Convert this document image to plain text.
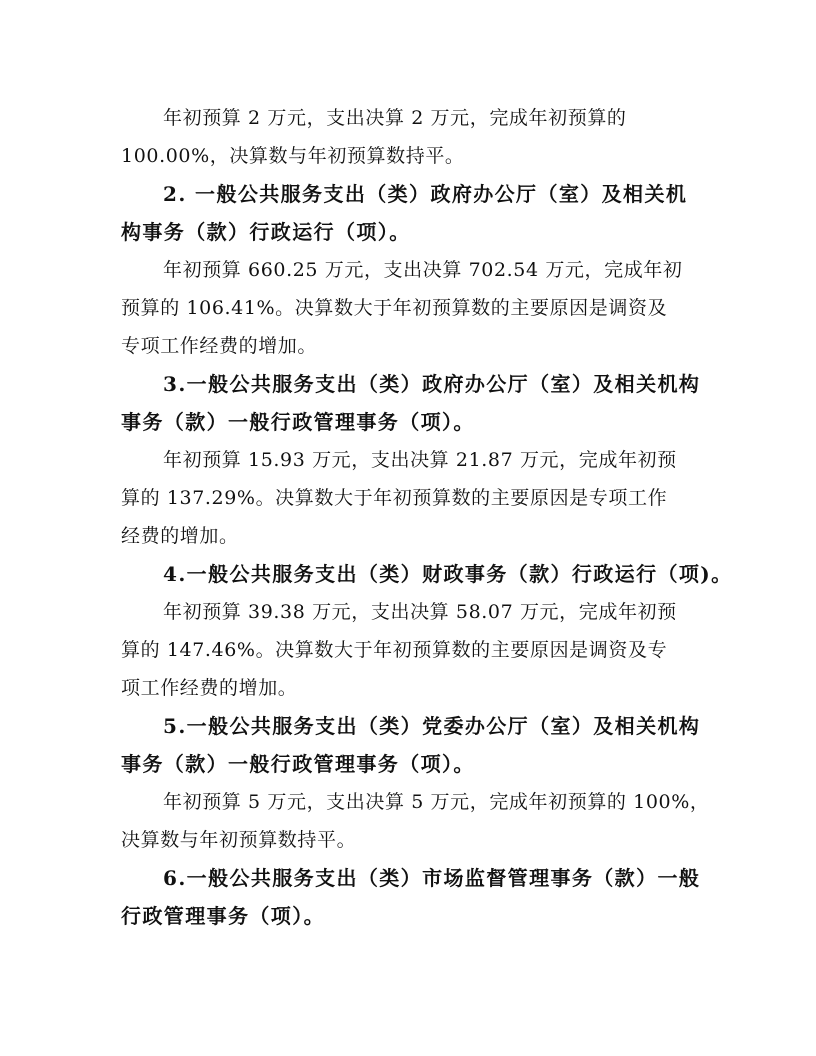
年初预算 2 万元，支出决算 2 万元，完成年初预算的
100.00%，决算数与年初预算数持平。
2. 一般公共服务支出（类）政府办公厅（室）及相关机
构事务（款）行政运行（项）。
年初预算 660.25 万元，支出决算 702.54 万元，完成年初
预算的 106.41%。决算数大于年初预算数的主要原因是调资及
专项工作经费的增加。
3.一般公共服务支出（类）政府办公厅（室）及相关机构
事务（款）一般行政管理事务（项）。
年初预算 15.93 万元，支出决算 21.87 万元，完成年初预
算的 137.29%。决算数大于年初预算数的主要原因是专项工作
经费的增加。
4.一般公共服务支出（类）财政事务（款）行政运行（项)。
年初预算 39.38 万元，支出决算 58.07 万元，完成年初预
算的 147.46%。决算数大于年初预算数的主要原因是调资及专
项工作经费的增加。
5.一般公共服务支出（类）党委办公厅（室）及相关机构
事务（款）一般行政管理事务（项）。
年初预算 5 万元，支出决算 5 万元，完成年初预算的 100%，
决算数与年初预算数持平。
6.一般公共服务支出（类）市场监督管理事务（款）一般
行政管理事务（项）。
